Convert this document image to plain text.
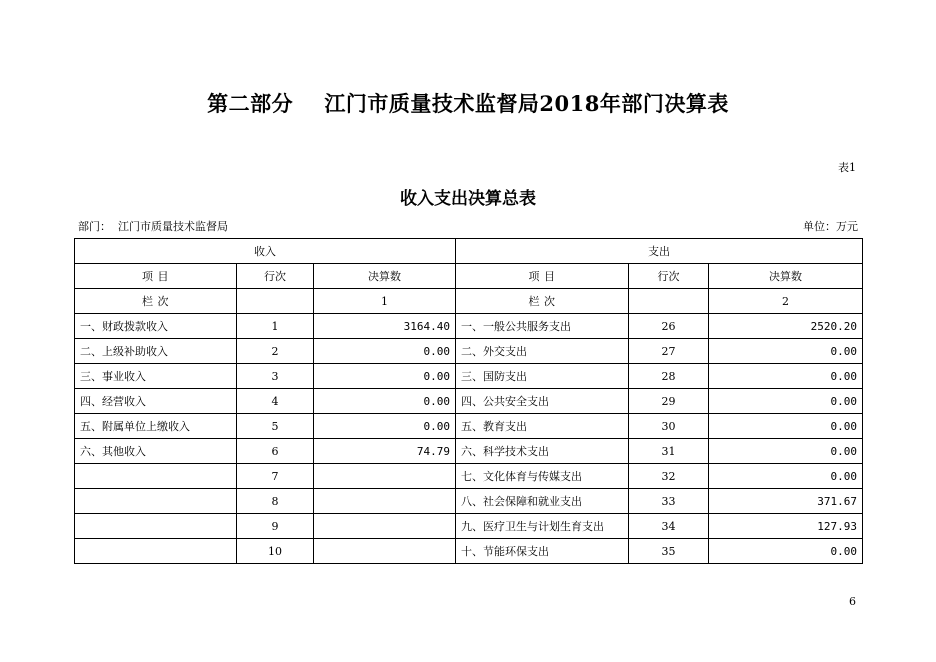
第二部分    江门市质量技术监督局2018年部门决算表
表1
收入支出决算总表
部门：  江门市质量技术监督局	单位：万元
收入			支出		
项 目	行次	决算数	项 目	行次	决算数
栏 次		1	栏 次		2
一、财政拨款收入	1	3164.40	一、一般公共服务支出	26	2520.20
二、上级补助收入	2	0.00	二、外交支出	27	0.00
三、事业收入	3	0.00	三、国防支出	28	0.00
四、经营收入	4	0.00	四、公共安全支出	29	0.00
五、附属单位上缴收入	5	0.00	五、教育支出	30	0.00
六、其他收入	6	74.79	六、科学技术支出	31	0.00
	7		七、文化体育与传媒支出	32	0.00
	8		八、社会保障和就业支出	33	371.67
	9		九、医疗卫生与计划生育支出	34	127.93
	10		十、节能环保支出	35	0.00
6
